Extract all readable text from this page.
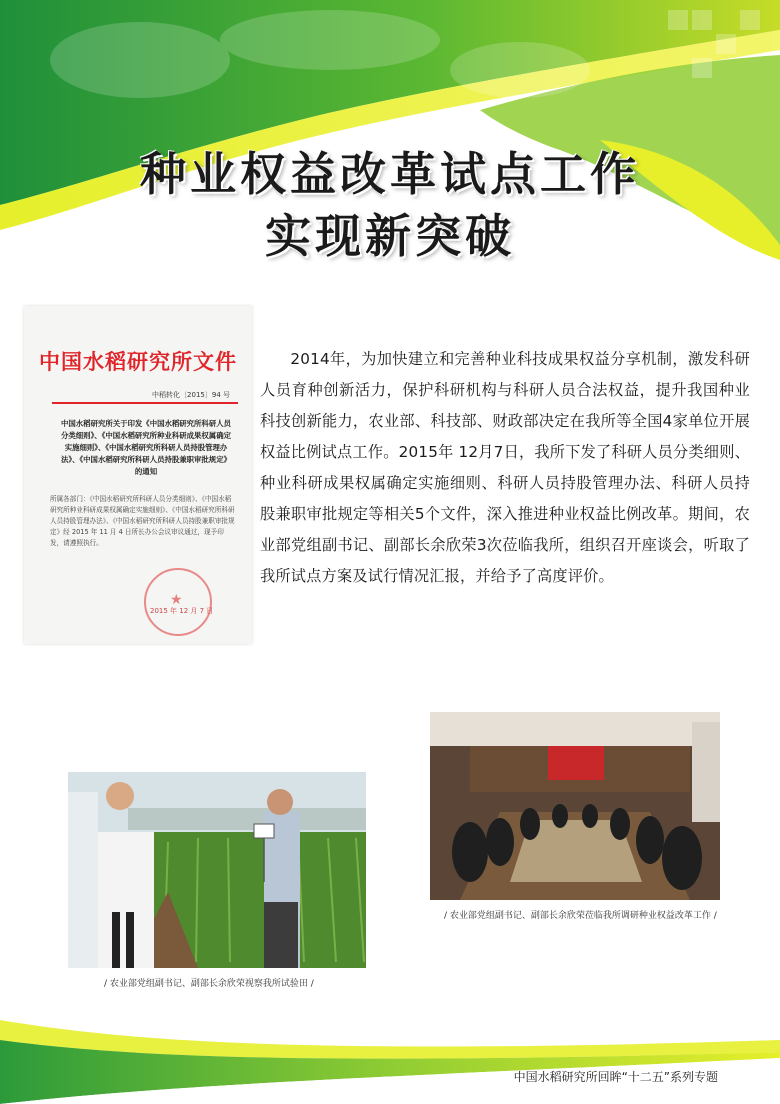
种业权益改革试点工作
实现新突破
中国水稻研究所文件
中稻转化〔2015〕94 号
中国水稻研究所关于印发《中国水稻研究所科研人员分类细则》、《中国水稻研究所种业科研成果权属确定实施细则》、《中国水稻研究所科研人员持股管理办法》、《中国水稻研究所科研人员持股兼职审批规定》的通知
所属各部门：《中国水稻研究所科研人员分类细则》、《中国水稻研究所种业科研成果权属确定实施细则》、《中国水稻研究所科研人员持股管理办法》、《中国水稻研究所科研人员持股兼职审批规定》经 2015 年 11 月 4 日所长办公会议审议通过，现予印发，请遵照执行。
★
2015 年 12 月 7 日

2014年，为加快建立和完善种业科技成果权益分享机制，激发科研人员育种创新活力，保护科研机构与科研人员合法权益，提升我国种业科技创新能力，农业部、科技部、财政部决定在我所等全国4家单位开展权益比例试点工作。2015年 12月7日，我所下发了科研人员分类细则、种业科研成果权属确定实施细则、科研人员持股管理办法、科研人员持股兼职审批规定等相关5个文件，深入推进种业权益比例改革。期间，农业部党组副书记、副部长余欣荣3次莅临我所，组织召开座谈会，听取了我所试点方案及试行情况汇报，并给予了高度评价。

/ 农业部党组副书记、副部长余欣荣视察我所试验田 /
/ 农业部党组副书记、副部长余欣荣莅临我所调研种业权益改革工作 /
中国水稻研究所回眸“十二五”系列专题
